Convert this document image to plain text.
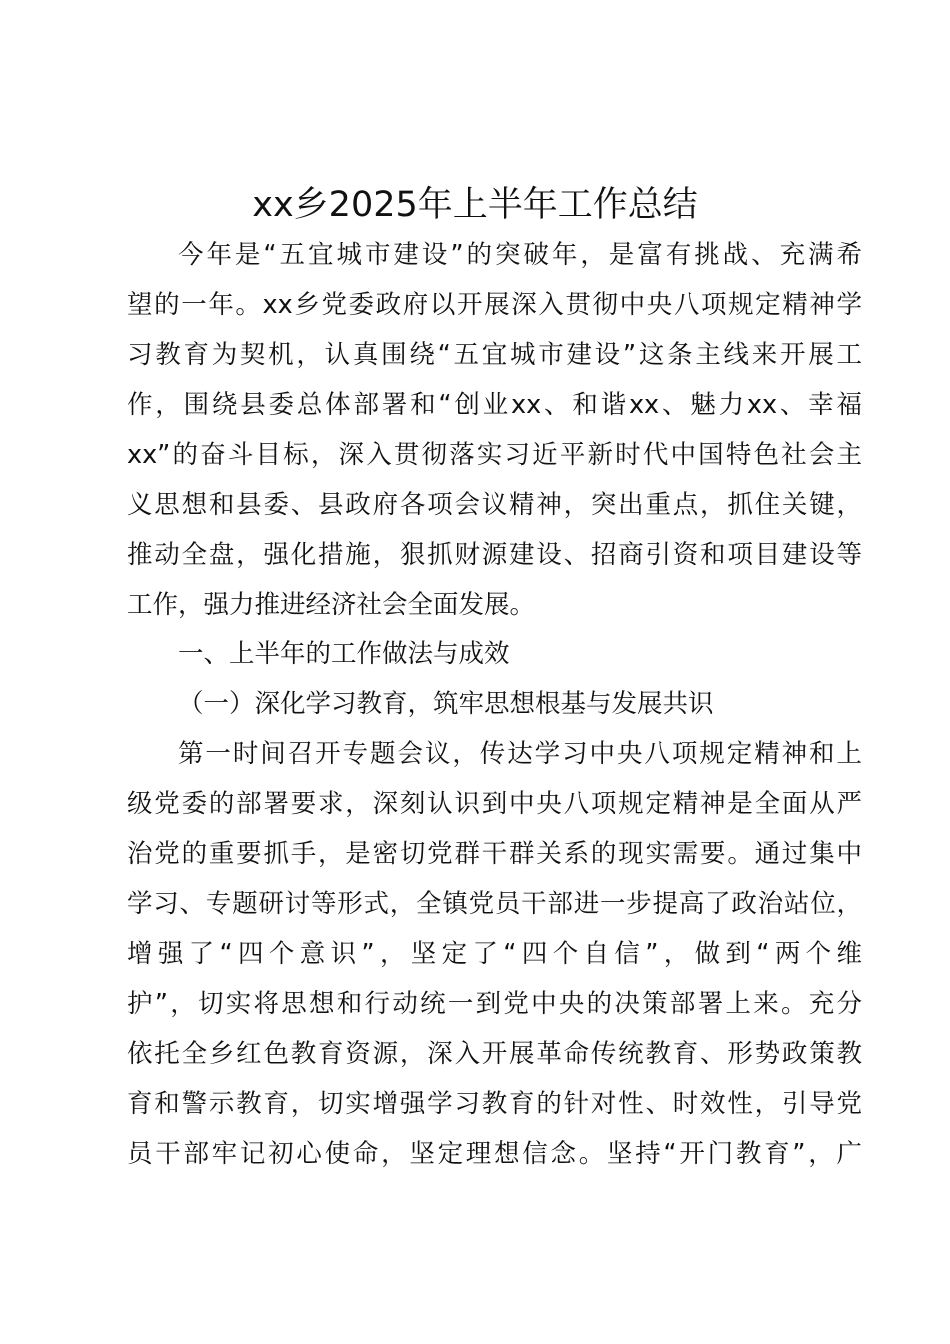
xx乡2025年上半年工作总结
今年是“五宜城市建设”的突破年，是富有挑战、充满希
望的一年。xx乡党委政府以开展深入贯彻中央八项规定精神学
习教育为契机，认真围绕“五宜城市建设”这条主线来开展工
作，围绕县委总体部署和“创业xx、和谐xx、魅力xx、幸福
xx”的奋斗目标，深入贯彻落实习近平新时代中国特色社会主
义思想和县委、县政府各项会议精神，突出重点，抓住关键，
推动全盘，强化措施，狠抓财源建设、招商引资和项目建设等
工作，强力推进经济社会全面发展。
一、上半年的工作做法与成效
（一）深化学习教育，筑牢思想根基与发展共识
第一时间召开专题会议，传达学习中央八项规定精神和上
级党委的部署要求，深刻认识到中央八项规定精神是全面从严
治党的重要抓手，是密切党群干群关系的现实需要。通过集中
学习、专题研讨等形式，全镇党员干部进一步提高了政治站位，
增强了“四个意识”，坚定了“四个自信”，做到“两个维
护”，切实将思想和行动统一到党中央的决策部署上来。充分
依托全乡红色教育资源，深入开展革命传统教育、形势政策教
育和警示教育，切实增强学习教育的针对性、时效性，引导党
员干部牢记初心使命，坚定理想信念。坚持“开门教育”，广
